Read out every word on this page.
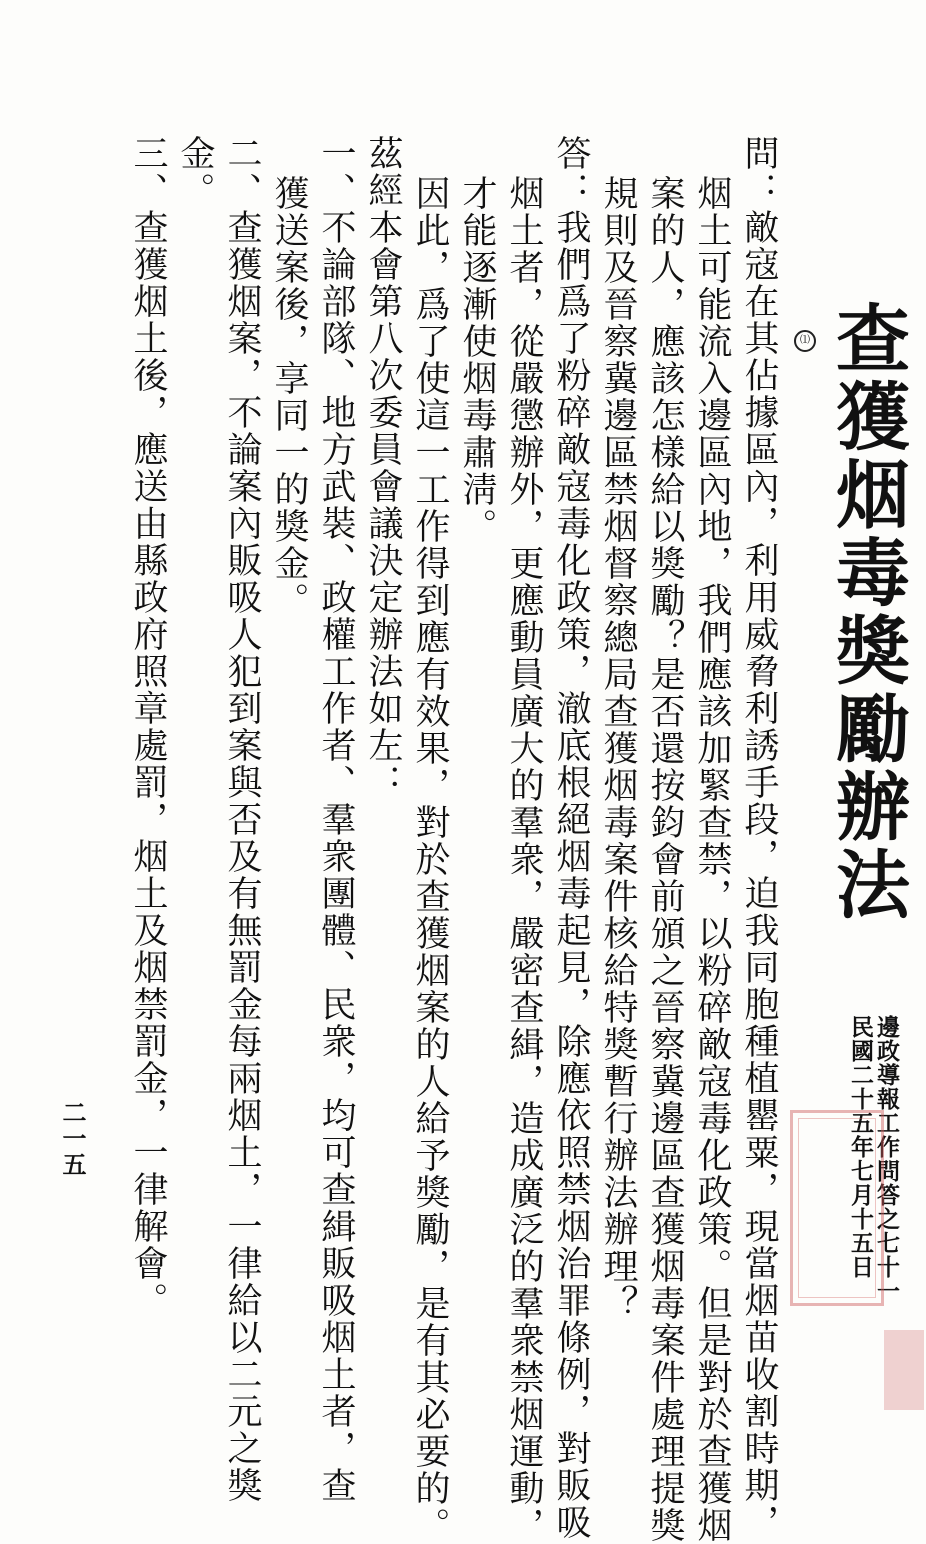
查獲烟毒獎勵辦法
⑴
民國二十五年七月十五日 邊政導報工作問答之七十一
問：敵寇在其佔據區內，利用威脅利誘手段，迫我同胞種植罌粟，現當烟苗收割時期，
烟土可能流入邊區內地，我們應該加緊查禁，以粉碎敵寇毒化政策。但是對於查獲烟
案的人，應該怎樣給以獎勵？是否還按鈞會前頒之晉察冀邊區查獲烟毒案件處理提獎
規則及晉察冀邊區禁烟督察總局查獲烟毒案件核給特獎暫行辦法辦理？
答：我們爲了粉碎敵寇毒化政策，澈底根絕烟毒起見，除應依照禁烟治罪條例，對販吸
烟土者，從嚴懲辦外，更應動員廣大的羣衆，嚴密查緝，造成廣泛的羣衆禁烟運動，
才能逐漸使烟毒肅淸。
因此，爲了使這一工作得到應有效果，對於查獲烟案的人給予獎勵，是有其必要的。
茲經本會第八次委員會議決定辦法如左：
一、不論部隊、地方武裝、政權工作者、羣衆團體、民衆，均可查緝販吸烟土者，查
獲送案後，享同一的獎金。
二、查獲烟案，不論案內販吸人犯到案與否及有無罰金每兩烟土，一律給以二元之獎
金。
三、查獲烟土後，應送由縣政府照章處罰，烟土及烟禁罰金，一律解會。
二一五
